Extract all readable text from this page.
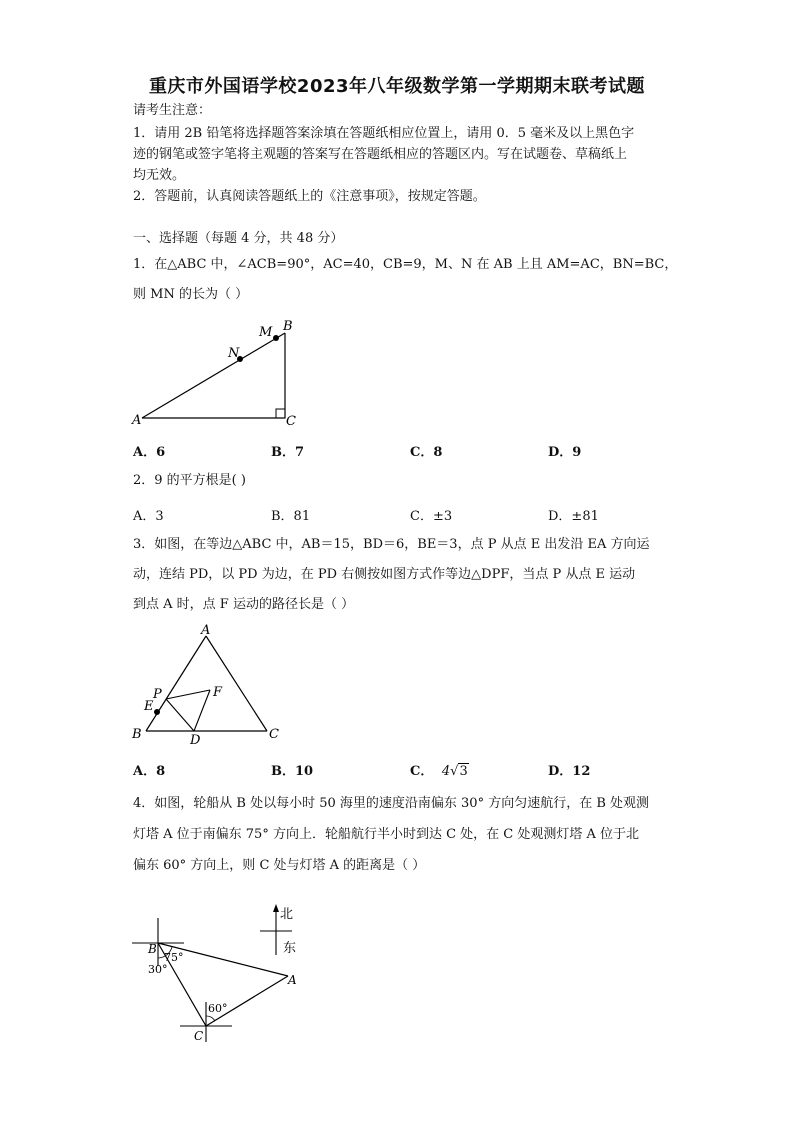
重庆市外国语学校2023年八年级数学第一学期期末联考试题
请考生注意：
1．请用 2B 铅笔将选择题答案涂填在答题纸相应位置上，请用 0．5 毫米及以上黑色字
迹的钢笔或签字笔将主观题的答案写在答题纸相应的答题区内。写在试题卷、草稿纸上
均无效。
2．答题前，认真阅读答题纸上的《注意事项》，按规定答题。
一、选择题（每题 4 分，共 48 分）
1．在△ABC 中，∠ACB=90°，AC=40，CB=9，M、N 在 AB 上且 AM=AC，BN=BC，
则 MN 的长为（ ）
A
B
C
M
N
A．6	B．7	C．8	D．9
2．9 的平方根是( )
A．3	B．81	C．±3	D．±81
3．如图，在等边△ABC 中，AB＝15，BD＝6，BE＝3，点 P 从点 E 出发沿 EA 方向运
动，连结 PD，以 PD 为边，在 PD 右侧按如图方式作等边△DPF，当点 P 从点 E 运动
到点 A 时，点 F 运动的路径长是（ ）
A
B	C
D
E
F
P
A．8	B．10	C． 4√3	D．12
4．如图，轮船从 B 处以每小时 50 海里的速度沿南偏东 30° 方向匀速航行，在 B 处观测
灯塔 A 位于南偏东 75° 方向上．轮船航行半小时到达 C 处，在 C 处观测灯塔 A 位于北
偏东 60° 方向上，则 C 处与灯塔 A 的距离是（ ）
北
东
B
A
C
75°
30°
60°
